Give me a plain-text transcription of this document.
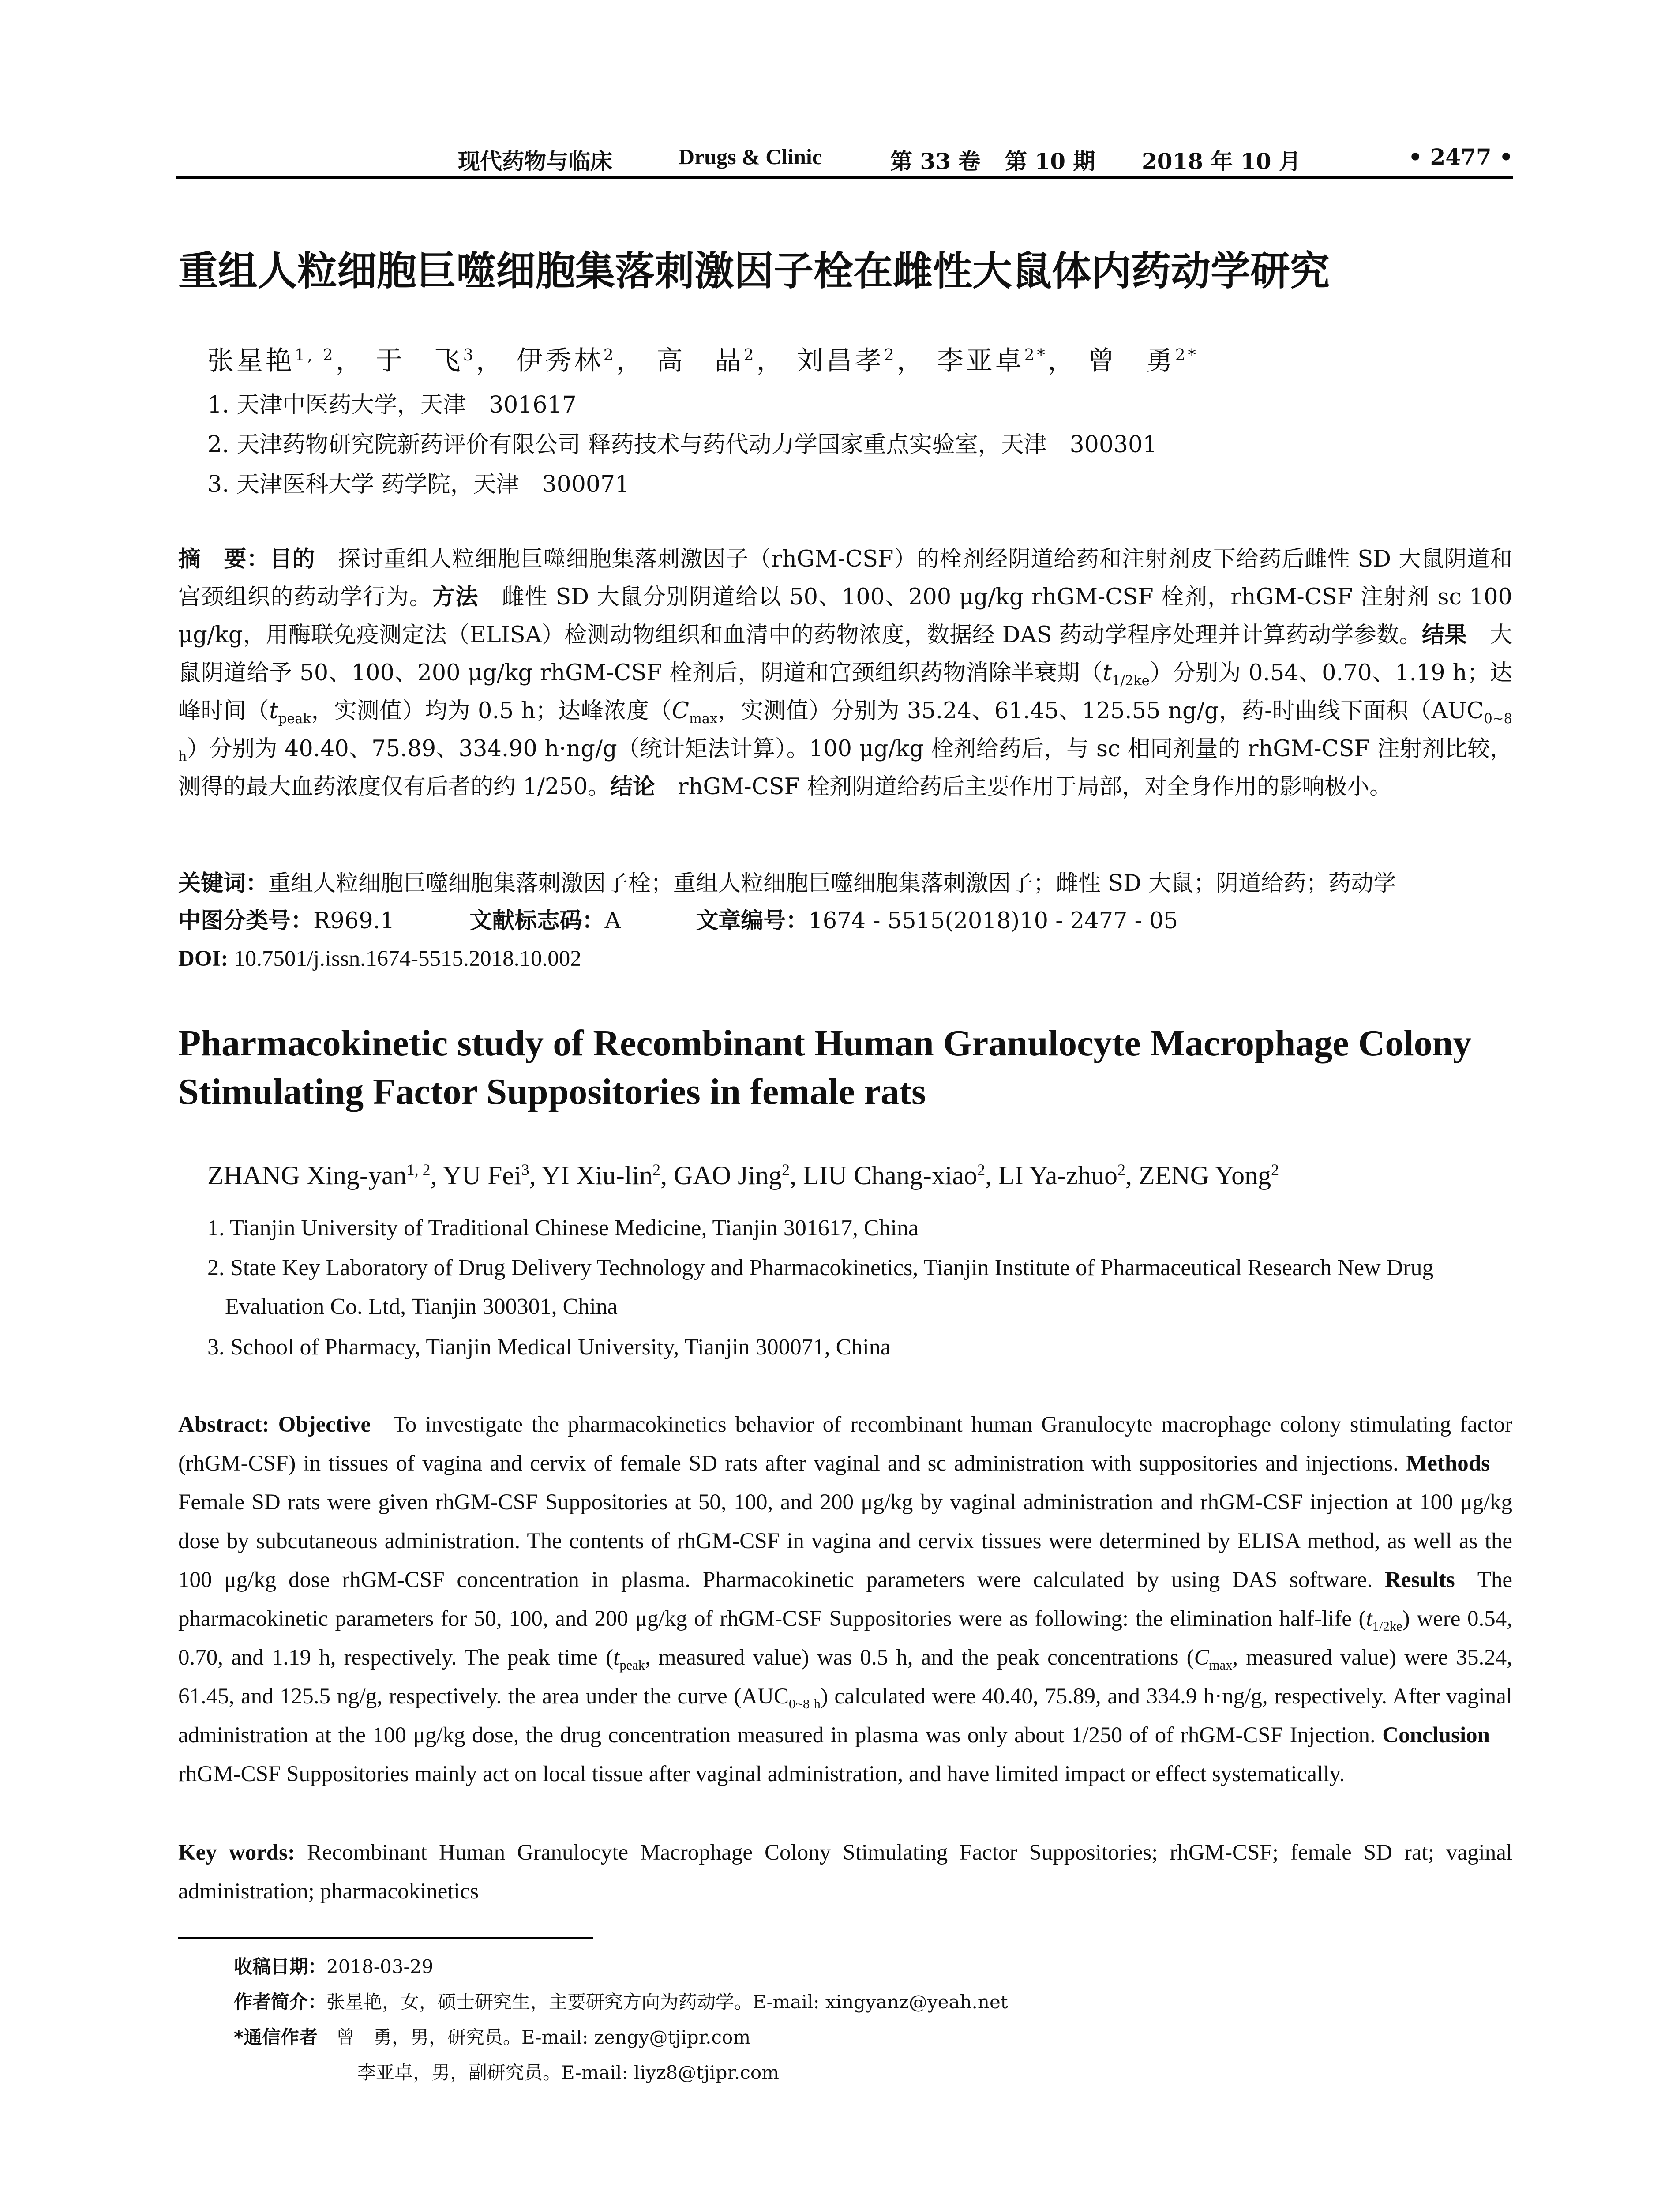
现代药物与临床	Drugs & Clinic	第 33 卷 第 10 期 2018 年 10 月	• 2477 •
重组人粒细胞巨噬细胞集落刺激因子栓在雌性大鼠体内药动学研究
张星艳$^{1, 2}$， 于　飞$^3$， 伊秀林$^2$， 高　晶$^2$， 刘昌孝$^2$， 李亚卓$^{2*}$， 曾　勇$^{2*}$
1. 天津中医药大学，天津　301617
2. 天津药物研究院新药评价有限公司 释药技术与药代动力学国家重点实验室，天津　300301
3. 天津医科大学 药学院，天津　300071
摘　要：目的  探讨重组人粒细胞巨噬细胞集落刺激因子（rhGM-CSF）的栓剂经阴道给药和注射剂皮下给药后雌性 SD 大鼠阴道和宫颈组织的药动学行为。方法  雌性 SD 大鼠分别阴道给以 50、100、200 μg/kg rhGM-CSF 栓剂，rhGM-CSF 注射剂 sc 100 μg/kg，用酶联免疫测定法（ELISA）检测动物组织和血清中的药物浓度，数据经 DAS 药动学程序处理并计算药动学参数。结果  大鼠阴道给予 50、100、200 μg/kg rhGM-CSF 栓剂后，阴道和宫颈组织药物消除半衰期$(t_{1/2ke})$分别为 0.54、0.70、1.19 h；达峰时间（$t_{peak}$，实测值）均为 0.5 h；达峰浓度（$C_{max}$，实测值）分别为 35.24、61.45、125.55 ng/g，药-时曲线下面积$(AUC_{0\sim 8 h})$分别为 40.40、75.89、334.90 h·ng/g（统计矩法计算）。100 μg/kg 栓剂给药后，与 sc 相同剂量的 rhGM-CSF 注射剂比较，测得的最大血药浓度仅有后者的约 1/250。结论  rhGM-CSF 栓剂阴道给药后主要作用于局部，对全身作用的影响极小。
关键词：重组人粒细胞巨噬细胞集落刺激因子栓；重组人粒细胞巨噬细胞集落刺激因子；雌性 SD 大鼠；阴道给药；药动学
中图分类号：R969.1	文献标志码：A	文章编号：1674 - 5515(2018)10 - 2477 - 05
DOI: 10.7501/j.issn.1674-5515.2018.10.002
Pharmacokinetic study of Recombinant Human Granulocyte Macrophage Colony
Stimulating Factor Suppositories in female rats
ZHANG Xing-yan$^{1, 2}$, YU Fei$^3$, YI Xiu-lin$^2$, GAO Jing$^2$, LIU Chang-xiao$^2$, LI Ya-zhuo$^2$, ZENG Yong$^2$
1. Tianjin University of Traditional Chinese Medicine, Tianjin 301617, China
2. State Key Laboratory of Drug Delivery Technology and Pharmacokinetics, Tianjin Institute of Pharmaceutical Research New Drug Evaluation Co. Ltd, Tianjin 300301, China
3. School of Pharmacy, Tianjin Medical University, Tianjin 300071, China
Abstract: Objective  To investigate the pharmacokinetics behavior of recombinant human Granulocyte macrophage colony stimulating factor (rhGM-CSF) in tissues of vagina and cervix of female SD rats after vaginal and sc administration with suppositories and injections. Methods Female SD rats were given rhGM-CSF Suppositories at 50, 100, and 200 μg/kg by vaginal administration and rhGM-CSF injection at 100 μg/kg dose by subcutaneous administration. The contents of rhGM-CSF in vagina and cervix tissues were determined by ELISA method, as well as the 100 μg/kg dose rhGM-CSF concentration in plasma. Pharmacokinetic parameters were calculated by using DAS software. Results  The pharmacokinetic parameters for 50, 100, and 200 μg/kg of rhGM-CSF Suppositories were as following: the elimination half-life $(t_{1/2ke})$ were 0.54, 0.70, and 1.19 h, respectively. The peak time ($t_{peak}$, measured value) was 0.5 h, and the peak concentrations ($C_{max}$, measured value) were 35.24, 61.45, and 125.5 ng/g, respectively. the area under the curve $(AUC_{0\sim 8 h})$ calculated were 40.40, 75.89, and 334.9 h·ng/g, respectively. After vaginal administration at the 100 μg/kg dose, the drug concentration measured in plasma was only about 1/250 of of rhGM-CSF Injection. Conclusion rhGM-CSF Suppositories mainly act on local tissue after vaginal administration, and have limited impact or effect systematically.
Key words: Recombinant Human Granulocyte Macrophage Colony Stimulating Factor Suppositories; rhGM-CSF; female SD rat; vaginal administration; pharmacokinetics
收稿日期：2018-03-29
作者简介：张星艳，女，硕士研究生，主要研究方向为药动学。E-mail: xingyanz@yeah.net
*通信作者  曾　勇，男，研究员。E-mail: zengy@tjipr.com
李亚卓，男，副研究员。E-mail: liyz8@tjipr.com
